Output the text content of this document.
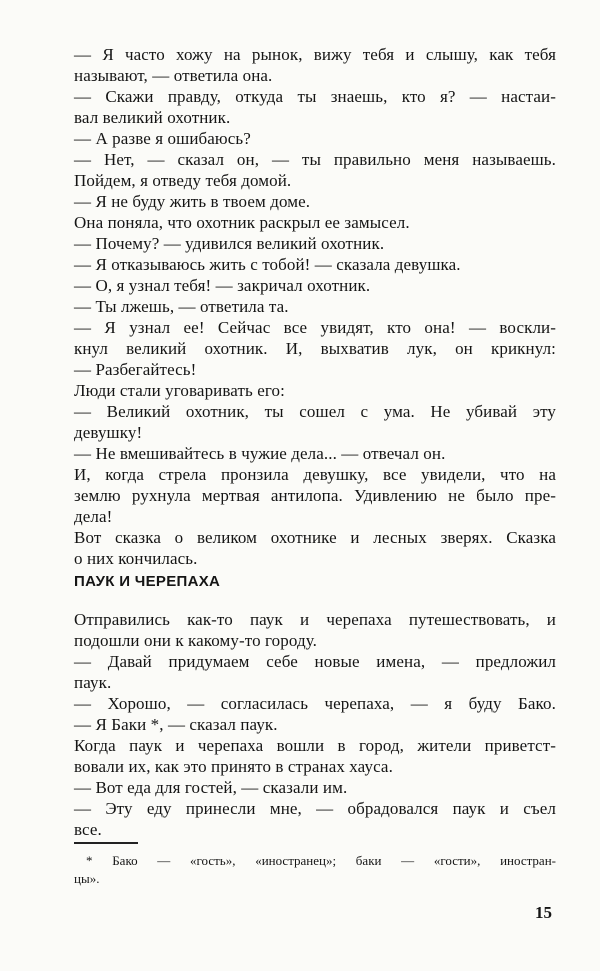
— Я часто хожу на рынок, вижу тебя и слышу, как тебя
называют, — ответила она.
— Скажи правду, откуда ты знаешь, кто я? — настаи-
вал великий охотник.
— А разве я ошибаюсь?
— Нет, — сказал он, — ты правильно меня называешь.
Пойдем, я отведу тебя домой.
— Я не буду жить в твоем доме.
Она поняла, что охотник раскрыл ее замысел.
— Почему? — удивился великий охотник.
— Я отказываюсь жить с тобой! — сказала девушка.
— О, я узнал тебя! — закричал охотник.
— Ты лжешь, — ответила та.
— Я узнал ее! Сейчас все увидят, кто она! — воскли-
кнул великий охотник. И, выхватив лук, он крикнул:
— Разбегайтесь!
Люди стали уговаривать его:
— Великий охотник, ты сошел с ума. Не убивай эту
девушку!
— Не вмешивайтесь в чужие дела... — отвечал он.
И, когда стрела пронзила девушку, все увидели, что на
землю рухнула мертвая антилопа. Удивлению не было пре-
дела!
Вот сказка о великом охотнике и лесных зверях. Сказка
о них кончилась.
ПАУК И ЧЕРЕПАХА
Отправились как-то паук и черепаха путешествовать, и
подошли они к какому-то городу.
— Давай придумаем себе новые имена, — предложил
паук.
— Хорошо, — согласилась черепаха, — я буду Бако.
— Я Баки *, — сказал паук.
Когда паук и черепаха вошли в город, жители приветст-
вовали их, как это принято в странах хауса.
— Вот еда для гостей, — сказали им.
— Эту еду принесли мне, — обрадовался паук и съел
все.
* Бако — «гость», «иностранец»; баки — «гости», иностран-
цы».
15
